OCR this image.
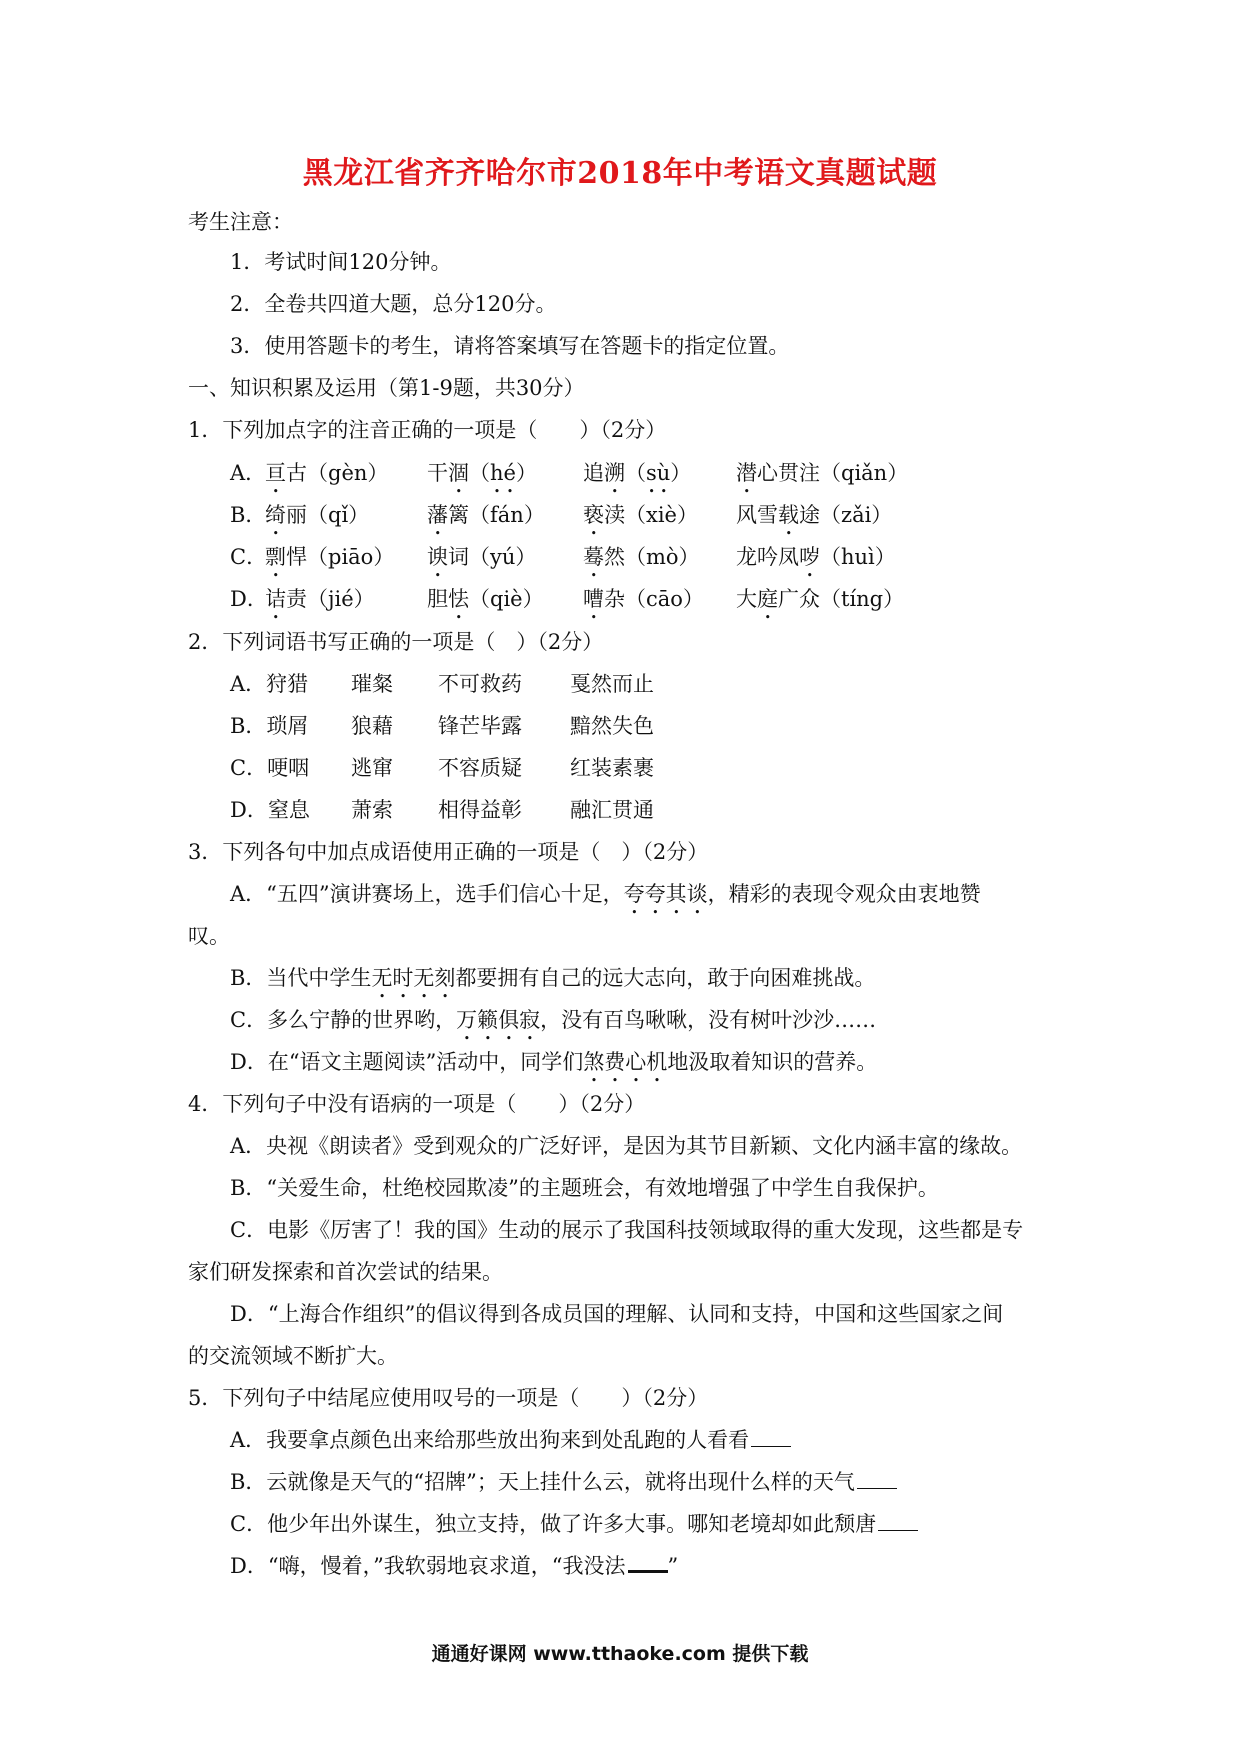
黑龙江省齐齐哈尔市2018年中考语文真题试题
考生注意：
1．考试时间120分钟。
2．全卷共四道大题，总分120分。
3．使用答题卡的考生，请将答案填写在答题卡的指定位置。
一、知识积累及运用（第1-9题，共30分）
1．下列加点字的注音正确的一项是（　　）（2分）
A．
亘古（gèn） 干涸（hé） 追溯（sù） 潜心贯注（qiǎn）
B．
绮丽（qǐ）	藩篱（fán） 亵渎（xiè） 风雪载途（zǎi）
C．
剽悍（piāo） 谀词（yú） 蓦然（mò） 龙吟凤哕（huì）
D．
诘责（jié） 胆怯（qiè） 嘈杂（cāo） 大庭广众（tíng）
2．下列词语书写正确的一项是（　）（2分）
A．狩猎 璀粲 不可救药 戛然而止
B．琐屑 狼藉 锋芒毕露 黯然失色
C．哽咽 逃窜 不容质疑 红装素裹
D．窒息 萧索 相得益彰 融汇贯通
3．下列各句中加点成语使用正确的一项是（　）（2分）
A．“五四”演讲赛场上，选手们信心十足，夸夸其谈，精彩的表现令观众由衷地赞
叹。
B．当代中学生无时无刻都要拥有自己的远大志向，敢于向困难挑战。
C．多么宁静的世界哟，万籁俱寂，没有百鸟啾啾，没有树叶沙沙……
D．在“语文主题阅读”活动中，同学们煞费心机地汲取着知识的营养。
4．下列句子中没有语病的一项是（　　）（2分）
A．央视《朗读者》受到观众的广泛好评，是因为其节目新颖、文化内涵丰富的缘故。
B．“关爱生命，杜绝校园欺凌”的主题班会，有效地增强了中学生自我保护。
C．电影《厉害了！我的国》生动的展示了我国科技领域取得的重大发现，这些都是专
家们研发探索和首次尝试的结果。
D．“上海合作组织”的倡议得到各成员国的理解、认同和支持，中国和这些国家之间
的交流领域不断扩大。
5．下列句子中结尾应使用叹号的一项是（　　）（2分）
A．我要拿点颜色出来给那些放出狗来到处乱跑的人看看
B．云就像是天气的“招牌”；天上挂什么云，就将出现什么样的天气
C．他少年出外谋生，独立支持，做了许多大事。哪知老境却如此颓唐
D．“嗨，慢着，”我软弱地哀求道，“我没法 ”
通通好课网 www.tthaoke.com 提供下载
